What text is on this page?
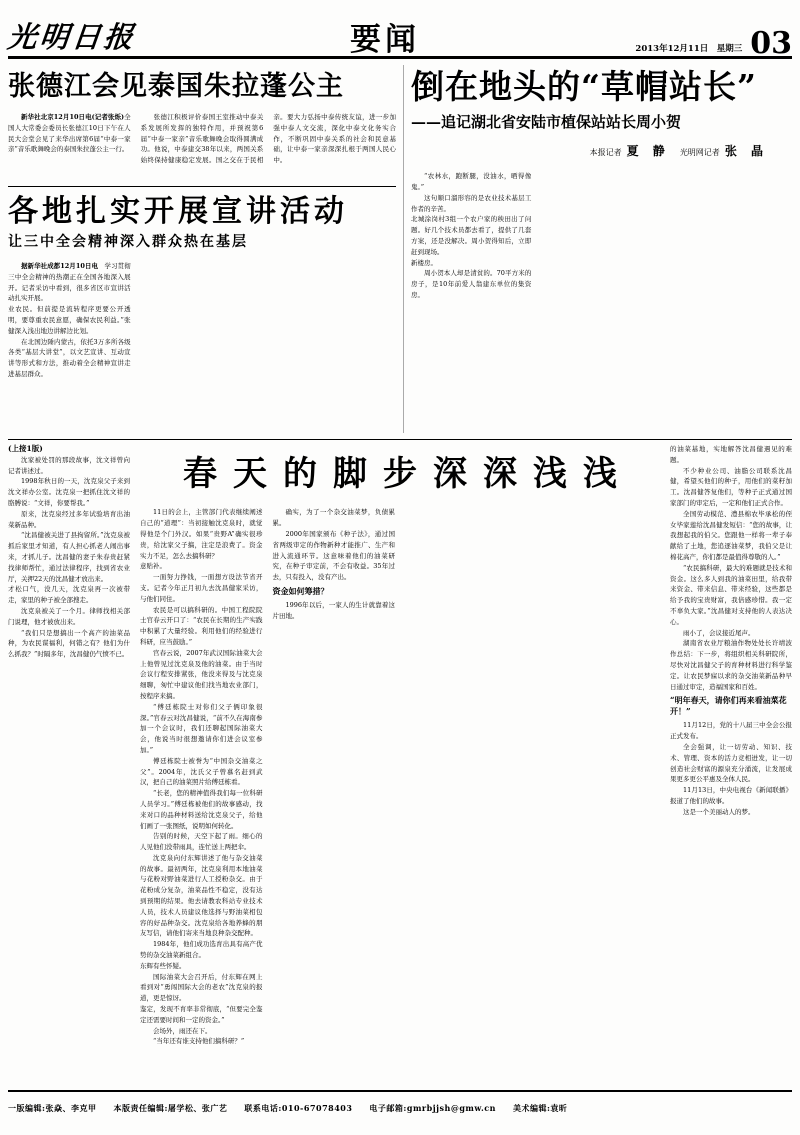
光明日报	要闻	2013年12月11日　星期三 03
张德江会见泰国朱拉蓬公主

新华社北京12月10日电(记者张烁)全国人大常委会委员长张德江10日下午在人民大会堂会见了来华出席第6届“中泰一家亲”音乐歌舞晚会的泰国朱拉蓬公主一行。

张德江积极评价泰国王室推动中泰关系发展所发挥的独特作用，并预祝第6届“中泰一家亲”音乐歌舞晚会取得圆满成功。他说，中泰建交38年以来，两国关系始终保持健康稳定发展。国之交在于民相亲。要大力弘扬中泰传统友谊，进一步加强中泰人文交流，深化中泰文化务实合作，不断巩固中泰关系的社会和民意基础，让中泰一家亲深深扎根于两国人民心中。

各地扎实开展宣讲活动
让三中全会精神深入群众热在基层

据新华社成都12月10日电　学习贯彻三中全会精神的热潮正在全国各地深入展开。记者采访中看到，很多省区市宣讲活动扎实开展。

业农民。但前提是流转程序更要公开透明，要尊重农民意愿，确保农民利益。”张健深入浅出地边讲解边比划。

在北国边陲内蒙古，依托3万多所各级各类“基层大讲堂”，以文艺宣讲、互动宣讲等形式和方法，推动着全会精神宣讲走进基层群众。

倒在地头的“草帽站长”
——追记湖北省安陆市植保站站长周小贺
本报记者 夏 静 光明网记者 张 晶

“农林水，跑断腿，没油水，晒得像鬼。”

这句顺口溜形容的是农业技术基层工作者的辛苦。

北城涂岗村3组一个农户家的秧田出了问题。好几个技术员都去看了，提供了几套方案，还是没解决。周小贺得知后，立即赶到现场。

新楼房。

周小贺本人却是清贫的。70平方米的房子，是10年前爱人翁建东单位的集资房。

(上接1版)

沈家被处罚的那段故事，沈文祥曾向记者讲述过。

1998年秋日的一天，沈克泉父子来到沈文祥办公室。沈克泉一把抓住沈文祥的胳膊说：“文祥，你要帮我。”

原来，沈克泉经过多年试验培育出油菜新品种。

“沈昌健被关进了县拘留所。”沈克泉被抓后家里才知道，有人担心抓老人闹出事来，才抓儿子。沈昌健的妻子朱春贵赶紧找律师帮忙，通过法律程序，找到省农业厅，关押22天的沈昌健才放出来。

才松口气，没几天，沈克泉再一次被带走，家里的种子被全部搜走。

沈克泉被关了一个月。律师找相关部门说理，他才被放出来。

“我们只是想搞出一个高产的油菜品种，为农民谋福利，何错之有？他们为什么抓我？”时隔多年，沈昌健仍气愤不已。

春天的脚步深深浅浅

11日的会上，主管部门代表继续阐述自己的“道理”：当初接触沈克泉时，就觉得他是个门外汉。如果“贵野A”确实很珍贵，给沈家父子搞，注定是浪费了。资金实力不足，怎么去搞科研？

意贴补。

一面努力挣钱，一面想方设法节省开支。记者今年正月初九去沈昌健家采访，与他们同住。

农民是可以搞科研的。中国工程院院士官春云开口了：“农民在长期的生产实践中积累了大量经验。利用他们的经验进行科研，应当鼓励。”

官春云说，2007年武汉国际油菜大会上他曾见过沈克泉及他的油菜。由于当时会议行程安排紧张，他没来得及与沈克泉细聊，匆忙中建议他们找当地农业部门，按程序来搞。

“傅廷栋院士对你们父子俩印象很深。”官春云对沈昌健说，“前不久在海南参加一个会议时，我们还聊起国际油菜大会，他说当时很想邀请你们进会议室参加。”

傅廷栋院士被誉为“中国杂交油菜之父”。2004年，沈氏父子曾慕名赶到武汉，把自己的油菜照片给傅廷栋看。

“长老，您的精神值得我们每一位科研人员学习。”傅廷栋被他们的故事感动，找来对口的品种材料送给沈克泉父子，给他们画了一张图纸，说明如何转化。

告别的时候，天空下起了雨。细心的人见他们没带雨具，连忙送上两把伞。

沈克泉向付东辉讲述了他与杂交油菜的故事。最初两年，沈克泉利用本地油菜与花粉对野油菜进行人工授粉杂交。由于花粉成分复杂，油菜品性不稳定，没有达到预期的结果。他去请教农科站专业技术人员，技术人员建议他选择与野油菜相包容的好品种杂交。沈克泉给各地养蜂的朋友写信，请他们寄来当地良种杂交配种。

1984年，他们成功选育出具有高产优势的杂交油菜新组合。

东辉有些怀疑。

国际油菜大会召开后，付东辉在网上看到对“勇闯国际大会的老农”沈克泉的报道，更是惊讶。

鉴定，发现不育率非常彻底，“但要完全鉴定还需要时间和一定的资金。”

会场外，雨还在下。

“当年还有谁支持他们搞科研？”

确实，为了一个杂交油菜梦，负债累累。

2000年国家颁布《种子法》，通过国省两级审定的作物新种才能推广、生产和进入流通环节。这意味着他们的油菜研究，在种子审定前，不会有收益。35年过去，只有投入，没有产出。

资金如何筹措？

1996年以后，一家人的生计就靠着这片田地。

的油菜基地，实地解答沈昌健遇见的难题。

不少种业公司、油脂公司联系沈昌健，希望买他们的种子，用他们的菜籽加工。沈昌健答复他们，等种子正式通过国家部门的审定后，一定和他们正式合作。

全国劳动模范、澧县棉农毕承松的侄女毕家莲给沈昌健发短信：“您的故事，让我想起我的伯父。您跟他一样将一辈子奉献给了土地，您追逐油菜梦，我伯父是让棉花高产，你们都是最值得尊敬的人。”

“农民搞科研，最大的难题就是技术和资金。这么多人到我的油菜田里，给我带来资金、带来信息、带来经验，这些都是给予我的宝贵财富，我倍感珍惜。我一定不辜负大家。”沈昌健对支持他的人表达决心。

雨小了，会议接近尾声。

湖南省农业厅粮油作物处处长许靖波作总结：下一步，将组织相关科研院所，尽快对沈昌健父子的育种材料进行科学鉴定。让农民梦寐以求的杂交油菜新品种早日通过审定，造福国家和百姓。

“明年春天，请你们再来看油菜花开！”

11月12日，党的十八届三中全会公报正式发布。

全会强调，让一切劳动、知识、技术、管理、资本的活力竞相迸发，让一切创造社会财富的源泉充分涌流，让发展成果更多更公平惠及全体人民。

11月13日，中央电视台《新闻联播》报道了他们的故事。

这是一个美丽动人的梦。

一版编辑:张焱、李克甲　　本版责任编辑:屠学松、张广艺　　联系电话:010-67078403　　电子邮箱:gmrbjjsh@gmw.cn　　美术编辑:袁昕
